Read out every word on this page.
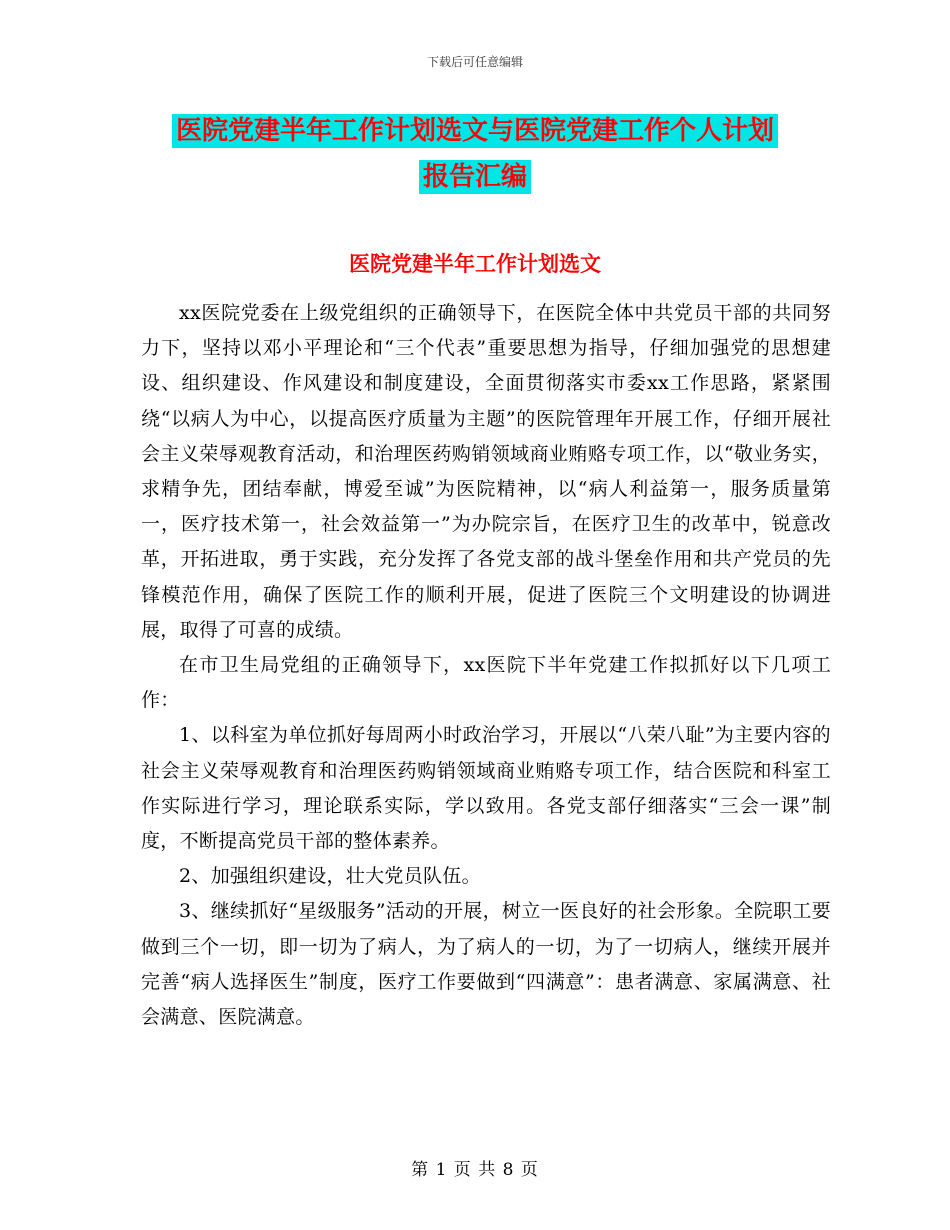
下载后可任意编辑
医院党建半年工作计划选文与医院党建工作个人计划
报告汇编
医院党建半年工作计划选文

xx医院党委在上级党组织的正确领导下，在医院全体中共党员干部的共同努力下，坚持以邓小平理论和“三个代表”重要思想为指导，仔细加强党的思想建设、组织建设、作风建设和制度建设，全面贯彻落实市委xx工作思路，紧紧围绕“以病人为中心，以提高医疗质量为主题”的医院管理年开展工作，仔细开展社会主义荣辱观教育活动，和治理医药购销领域商业贿赂专项工作，以“敬业务实，求精争先，团结奉献，博爱至诚”为医院精神，以“病人利益第一，服务质量第一，医疗技术第一，社会效益第一”为办院宗旨，在医疗卫生的改革中，锐意改革，开拓进取，勇于实践，充分发挥了各党支部的战斗堡垒作用和共产党员的先锋模范作用，确保了医院工作的顺利开展，促进了医院三个文明建设的协调进展，取得了可喜的成绩。

在市卫生局党组的正确领导下，xx医院下半年党建工作拟抓好以下几项工作：

1、以科室为单位抓好每周两小时政治学习，开展以“八荣八耻”为主要内容的社会主义荣辱观教育和治理医药购销领域商业贿赂专项工作，结合医院和科室工作实际进行学习，理论联系实际，学以致用。各党支部仔细落实“三会一课”制度，不断提高党员干部的整体素养。

2、加强组织建设，壮大党员队伍。

3、继续抓好“星级服务”活动的开展，树立一医良好的社会形象。全院职工要做到三个一切，即一切为了病人，为了病人的一切，为了一切病人，继续开展并完善“病人选择医生”制度，医疗工作要做到“四满意”：患者满意、家属满意、社会满意、医院满意。

第 1 页 共 8 页
